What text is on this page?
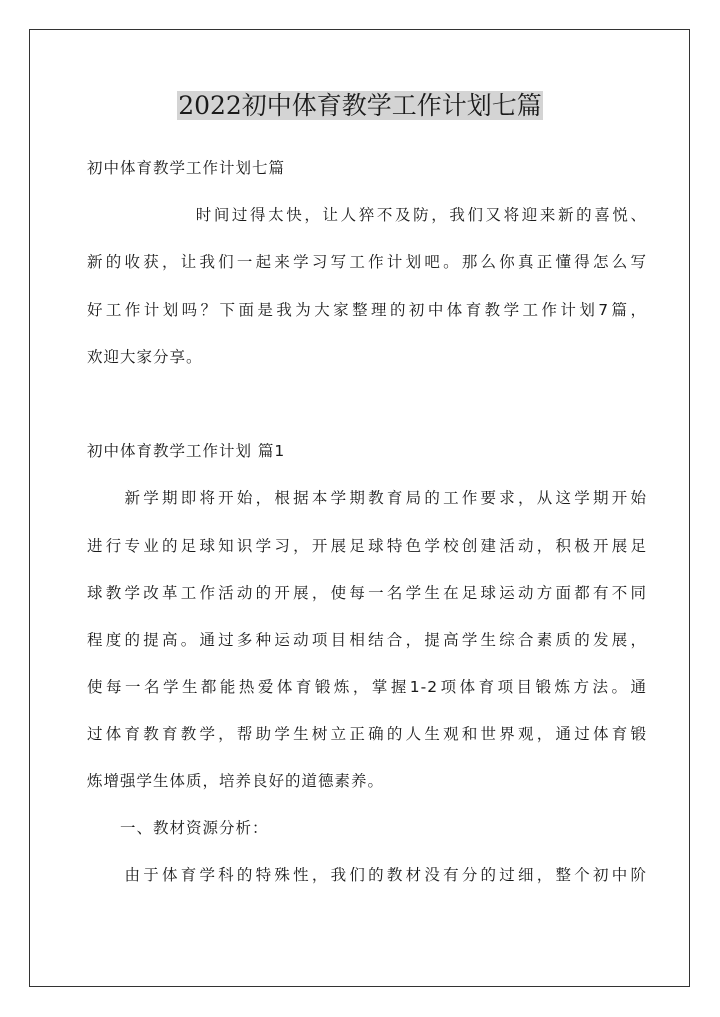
2022初中体育教学工作计划七篇
初中体育教学工作计划七篇
　　　　　　时间过得太快，让人猝不及防，我们又将迎来新的喜悦、
新的收获，让我们一起来学习写工作计划吧。那么你真正懂得怎么写
好工作计划吗？下面是我为大家整理的初中体育教学工作计划7篇，
欢迎大家分享。
初中体育教学工作计划 篇1
　　新学期即将开始，根据本学期教育局的工作要求，从这学期开始
进行专业的足球知识学习，开展足球特色学校创建活动，积极开展足
球教学改革工作活动的开展，使每一名学生在足球运动方面都有不同
程度的提高。通过多种运动项目相结合，提高学生综合素质的发展，
使每一名学生都能热爱体育锻炼，掌握1-2项体育项目锻炼方法。通
过体育教育教学，帮助学生树立正确的人生观和世界观，通过体育锻
炼增强学生体质，培养良好的道德素养。
　　一、教材资源分析：
　　由于体育学科的特殊性，我们的教材没有分的过细，整个初中阶
